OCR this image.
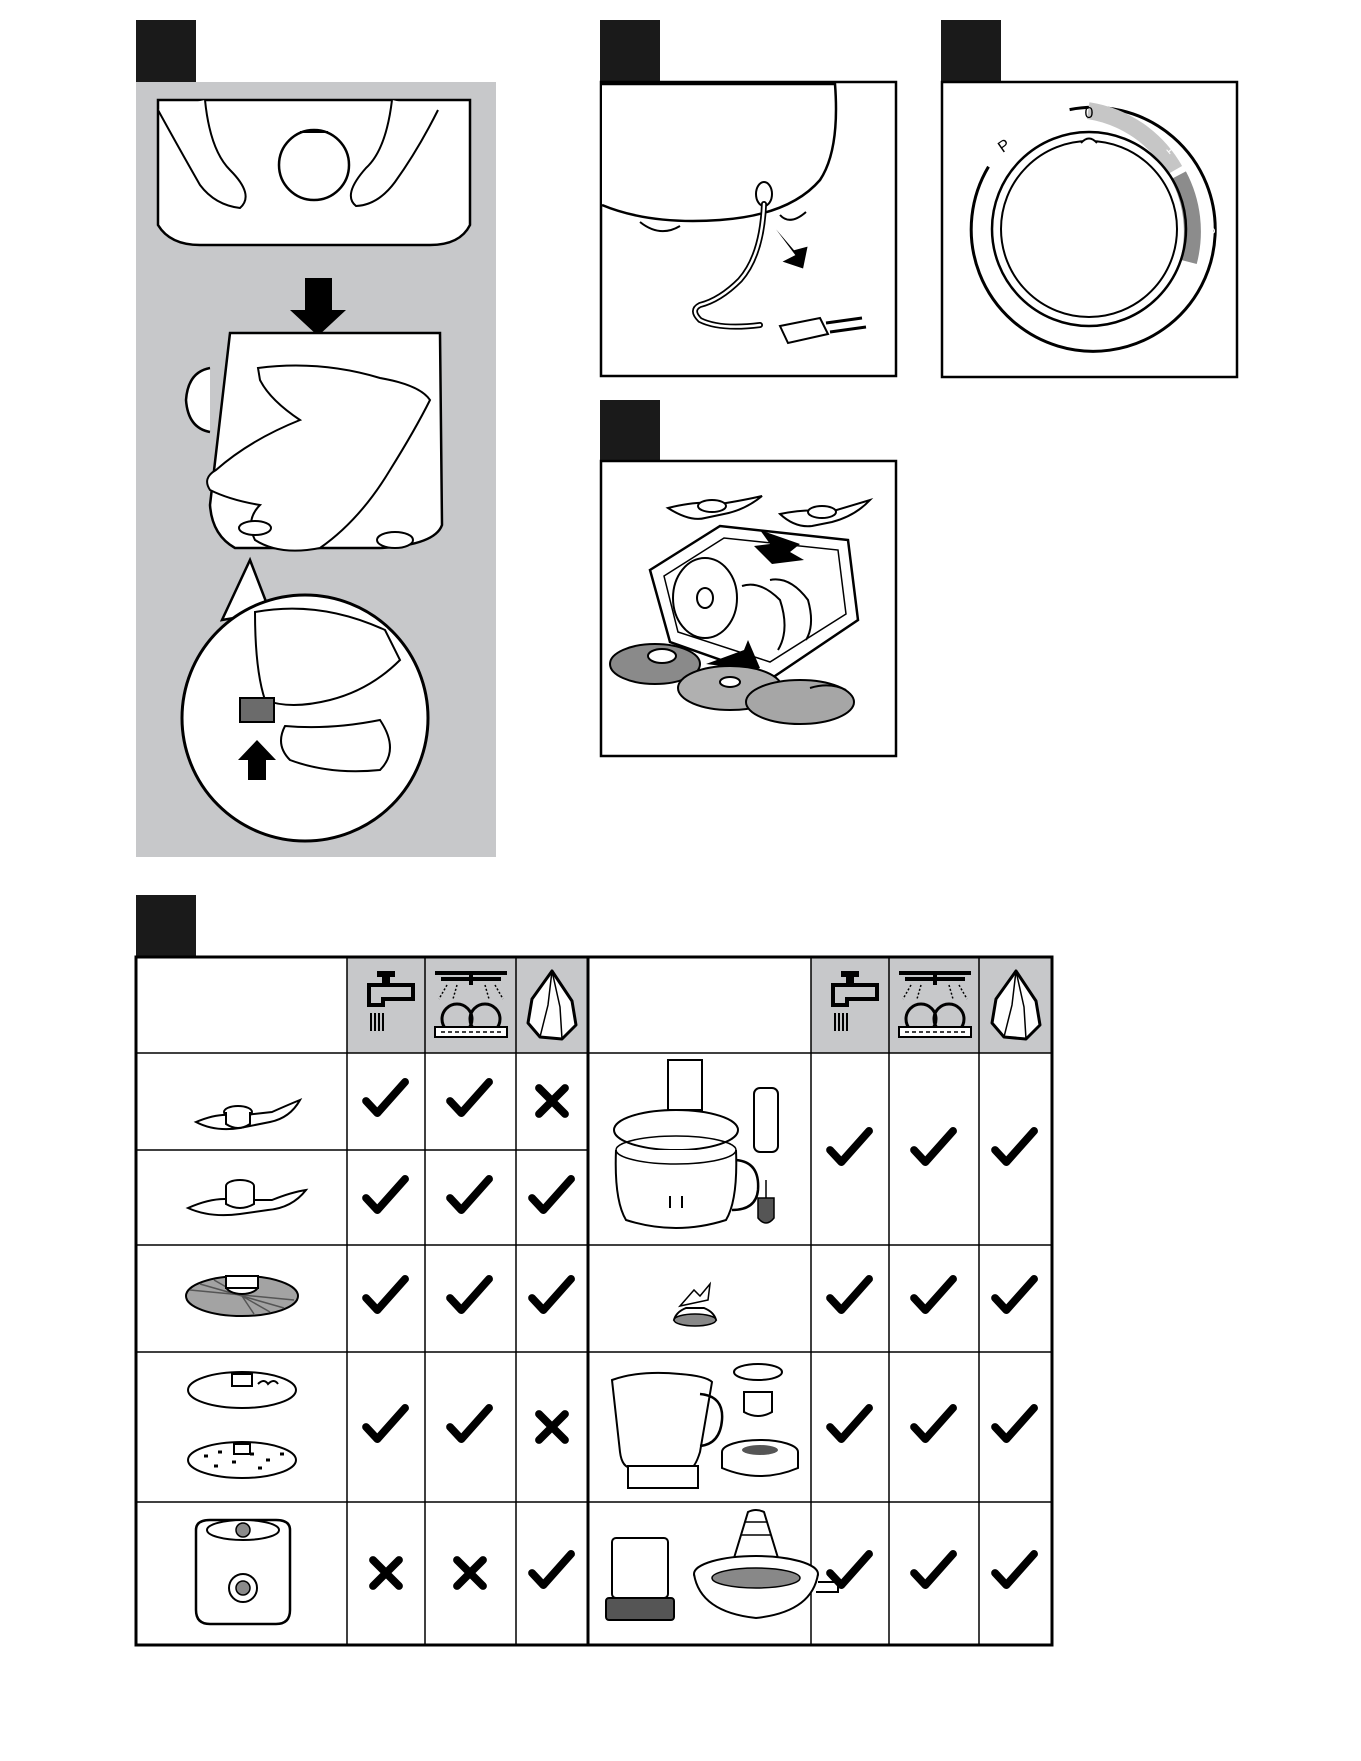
0
P	1
2
